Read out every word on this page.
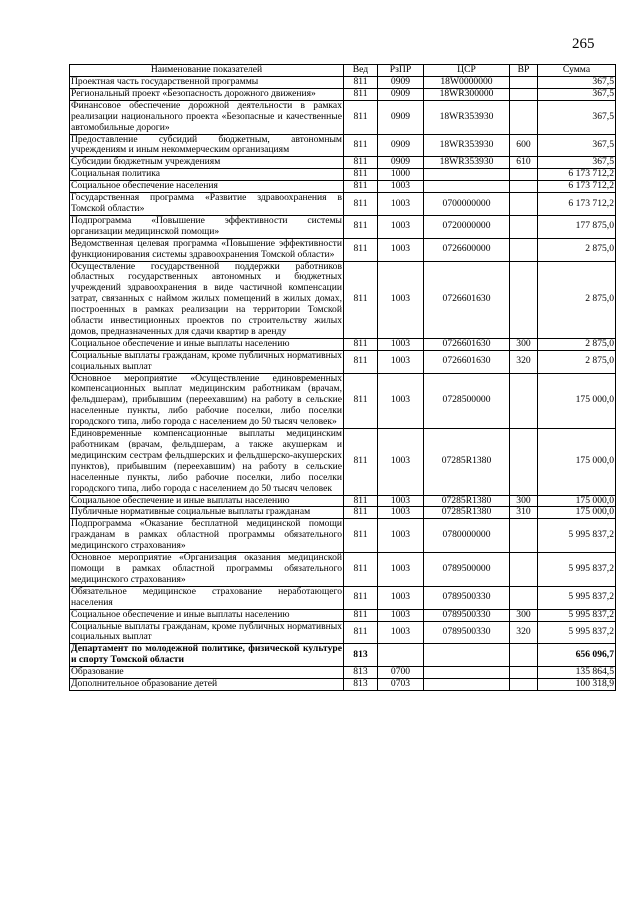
265
Наименование показателей	Вед	РзПР	ЦСР	ВР	Сумма
Проектная часть государственной программы	811	0909	18W0000000		367,5
Региональный проект «Безопасность дорожного движения»	811	0909	18WR300000		367,5
Финансовое обеспечение дорожной деятельности в рамках реализации национального проекта «Безопасные и качественные автомобильные дороги»	811	0909	18WR353930		367,5
Предоставление субсидий бюджетным, автономным учреждениям и иным некоммерческим организациям	811	0909	18WR353930	600	367,5
Субсидии бюджетным учреждениям	811	0909	18WR353930	610	367,5
Социальная политика	811	1000			6 173 712,2
Социальное обеспечение населения	811	1003			6 173 712,2
Государственная программа «Развитие здравоохранения в Томской области»	811	1003	0700000000		6 173 712,2
Подпрограмма «Повышение эффективности системы организации медицинской помощи»	811	1003	0720000000		177 875,0
Ведомственная целевая программа «Повышение эффективности функционирования системы здравоохранения Томской области»	811	1003	0726600000		2 875,0
Осуществление государственной поддержки работников областных государственных автономных и бюджетных учреждений здравоохранения в виде частичной компенсации затрат, связанных с наймом жилых помещений в жилых домах, построенных в рамках реализации на территории Томской области инвестиционных проектов по строительству жилых домов, предназначенных для сдачи квартир в аренду	811	1003	0726601630		2 875,0
Социальное обеспечение и иные выплаты населению	811	1003	0726601630	300	2 875,0
Социальные выплаты гражданам, кроме публичных нормативных социальных выплат	811	1003	0726601630	320	2 875,0
Основное мероприятие «Осуществление единовременных компенсационных выплат медицинским работникам (врачам, фельдшерам), прибывшим (переехавшим) на работу в сельские населенные пункты, либо рабочие поселки, либо поселки городского типа, либо города с населением до 50 тысяч человек»	811	1003	0728500000		175 000,0
Единовременные компенсационные выплаты медицинским работникам (врачам, фельдшерам, а также акушеркам и медицинским сестрам фельдшерских и фельдшерско-акушерских пунктов), прибывшим (переехавшим) на работу в сельские населенные пункты, либо рабочие поселки, либо поселки городского типа, либо города с населением до 50 тысяч человек	811	1003	07285R1380		175 000,0
Социальное обеспечение и иные выплаты населению	811	1003	07285R1380	300	175 000,0
Публичные нормативные социальные выплаты гражданам	811	1003	07285R1380	310	175 000,0
Подпрограмма «Оказание бесплатной медицинской помощи гражданам в рамках областной программы обязательного медицинского страхования»	811	1003	0780000000		5 995 837,2
Основное мероприятие «Организация оказания медицинской помощи в рамках областной программы обязательного медицинского страхования»	811	1003	0789500000		5 995 837,2
Обязательное медицинское страхование неработающего населения	811	1003	0789500330		5 995 837,2
Социальное обеспечение и иные выплаты населению	811	1003	0789500330	300	5 995 837,2
Социальные выплаты гражданам, кроме публичных нормативных социальных выплат	811	1003	0789500330	320	5 995 837,2
Департамент по молодежной политике, физической культуре и спорту Томской области	813				656 096,7
Образование	813	0700			135 864,5
Дополнительное образование детей	813	0703			100 318,9
